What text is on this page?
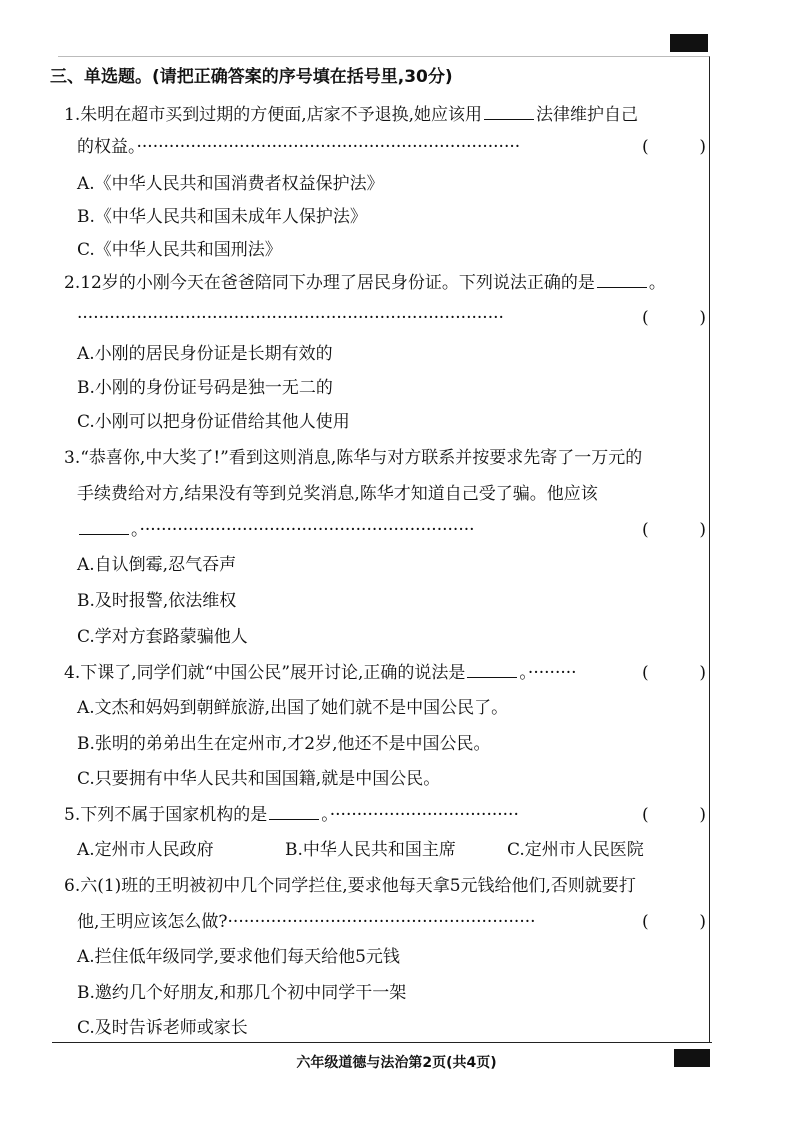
三、单选题。(请把正确答案的序号填在括号里,30分)
1.朱明在超市买到过期的方便面,店家不予退换,她应该用	法律维护自己
的权益。·······································································	(	)
A.《中华人民共和国消费者权益保护法》
B.《中华人民共和国未成年人保护法》
C.《中华人民共和国刑法》
2.12岁的小刚今天在爸爸陪同下办理了居民身份证。下列说法正确的是	。
···············································································	(	)
A.小刚的居民身份证是长期有效的
B.小刚的身份证号码是独一无二的
C.小刚可以把身份证借给其他人使用
3.“恭喜你,中大奖了!”看到这则消息,陈华与对方联系并按要求先寄了一万元的
手续费给对方,结果没有等到兑奖消息,陈华才知道自己受了骗。他应该
。······························································	(	)
A.自认倒霉,忍气吞声
B.及时报警,依法维权
C.学对方套路蒙骗他人
4.下课了,同学们就“中国公民”展开讨论,正确的说法是	。·········	(	)
A.文杰和妈妈到朝鲜旅游,出国了她们就不是中国公民了。
B.张明的弟弟出生在定州市,才2岁,他还不是中国公民。
C.只要拥有中华人民共和国国籍,就是中国公民。
5.下列不属于国家机构的是	。···································	(	)
A.定州市人民政府	B.中华人民共和国主席	C.定州市人民医院
6.六(1)班的王明被初中几个同学拦住,要求他每天拿5元钱给他们,否则就要打
他,王明应该怎么做?·························································	(	)
A.拦住低年级同学,要求他们每天给他5元钱
B.邀约几个好朋友,和那几个初中同学干一架
C.及时告诉老师或家长
六年级道德与法治第2页(共4页)
